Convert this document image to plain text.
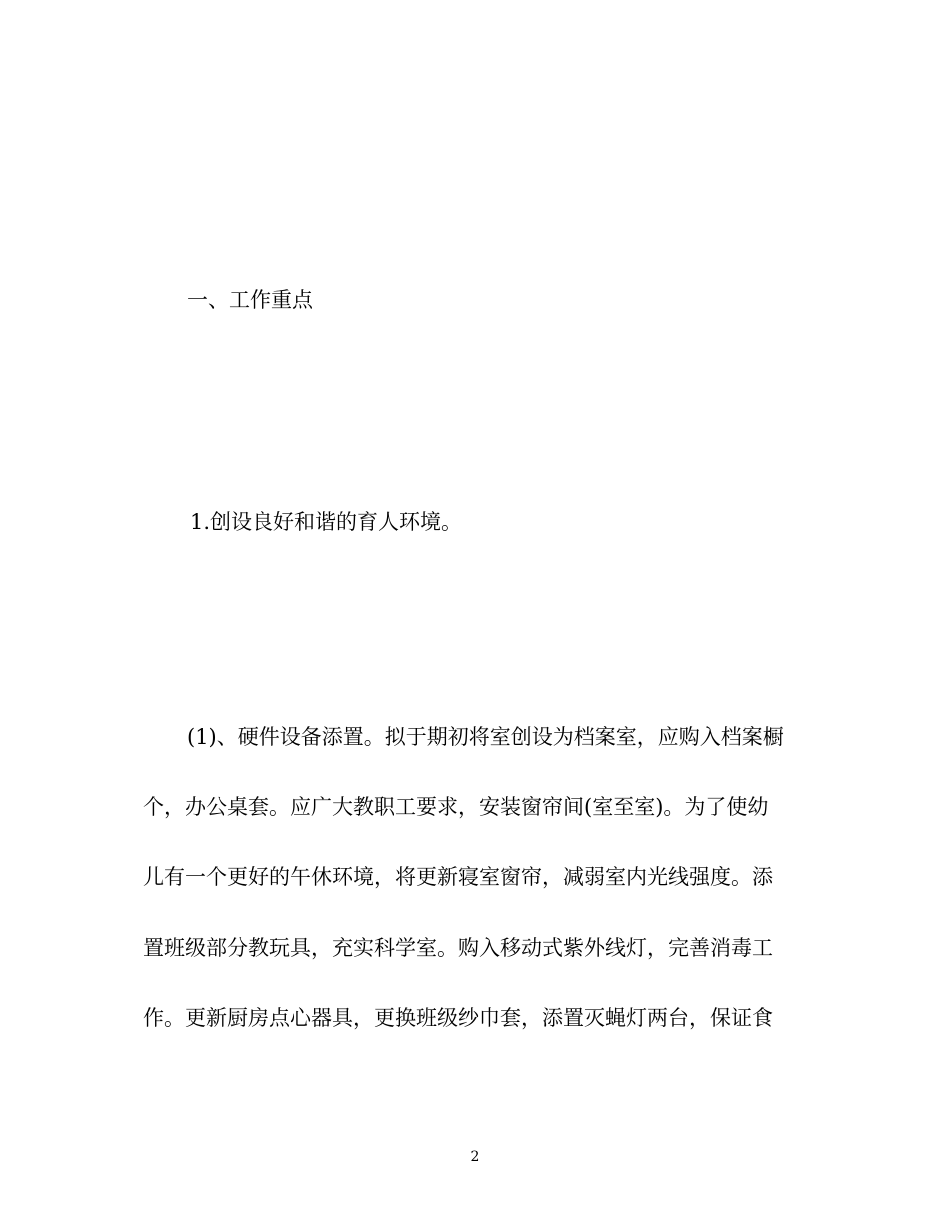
一、工作重点
1.创设良好和谐的育人环境。
(1)、硬件设备添置。拟于期初将室创设为档案室，应购入档案橱
个，办公桌套。应广大教职工要求，安装窗帘间(室至室)。为了使幼
儿有一个更好的午休环境，将更新寝室窗帘，减弱室内光线强度。添
置班级部分教玩具，充实科学室。购入移动式紫外线灯，完善消毒工
作。更新厨房点心器具，更换班级纱巾套，添置灭蝇灯两台，保证食
2
